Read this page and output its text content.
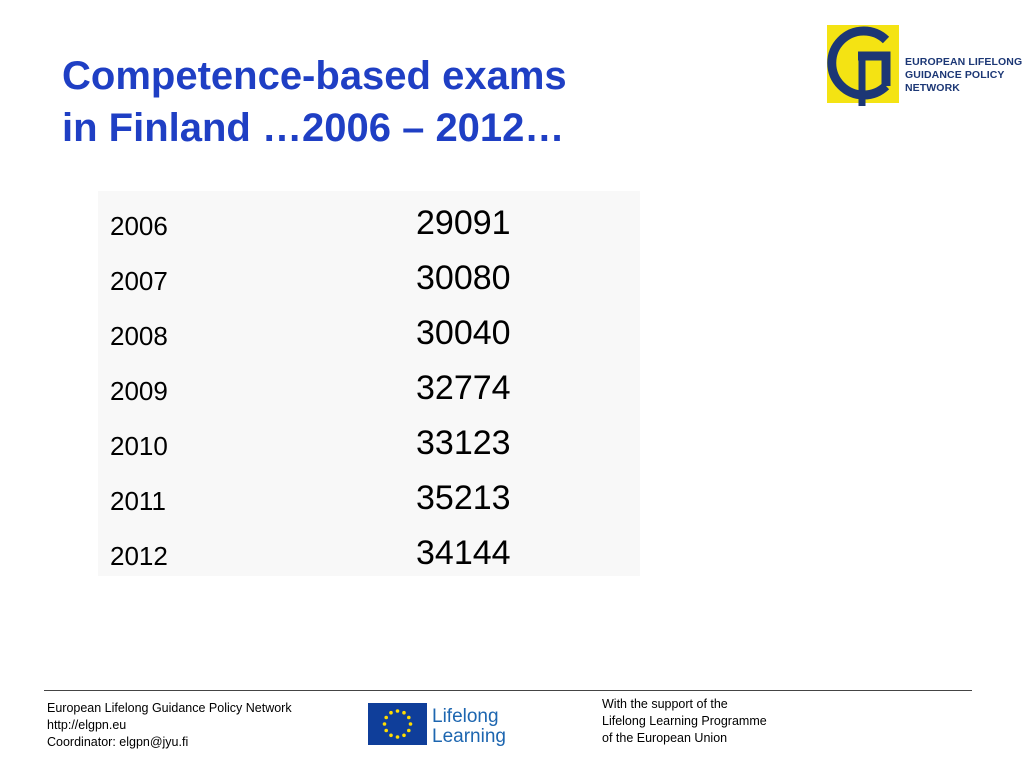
Competence-based exams
in Finland …2006 – 2012…
EUROPEAN LIFELONG
GUIDANCE POLICY
NETWORK
2006	29091
2007	30080
2008	30040
2009	32774
2010	33123
2011	35213
2012	34144
European Lifelong Guidance Policy Network
http://elgpn.eu
Coordinator: elgpn@jyu.fi
Lifelong
Learning
With the support of the
Lifelong Learning Programme
of the European Union
